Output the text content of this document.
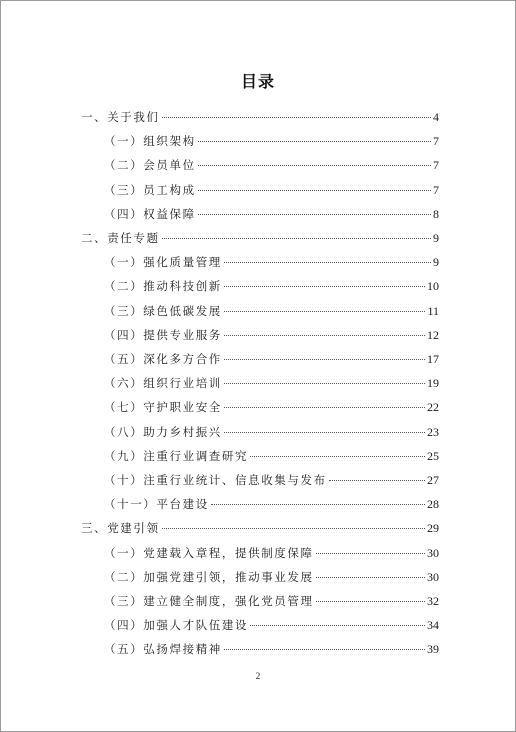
目录
一、关于我们	4
（一）组织架构	7
（二）会员单位	7
（三）员工构成	7
（四）权益保障	8
二、责任专题	9
（一）强化质量管理	9
（二）推动科技创新	10
（三）绿色低碳发展	11
（四）提供专业服务	12
（五）深化多方合作	17
（六）组织行业培训	19
（七）守护职业安全	22
（八）助力乡村振兴	23
（九）注重行业调查研究	25
（十）注重行业统计、信息收集与发布	27
（十一）平台建设	28
三、党建引领	29
（一）党建载入章程，提供制度保障	30
（二）加强党建引领，推动事业发展	30
（三）建立健全制度，强化党员管理	32
（四）加强人才队伍建设	34
（五）弘扬焊接精神	39
2
